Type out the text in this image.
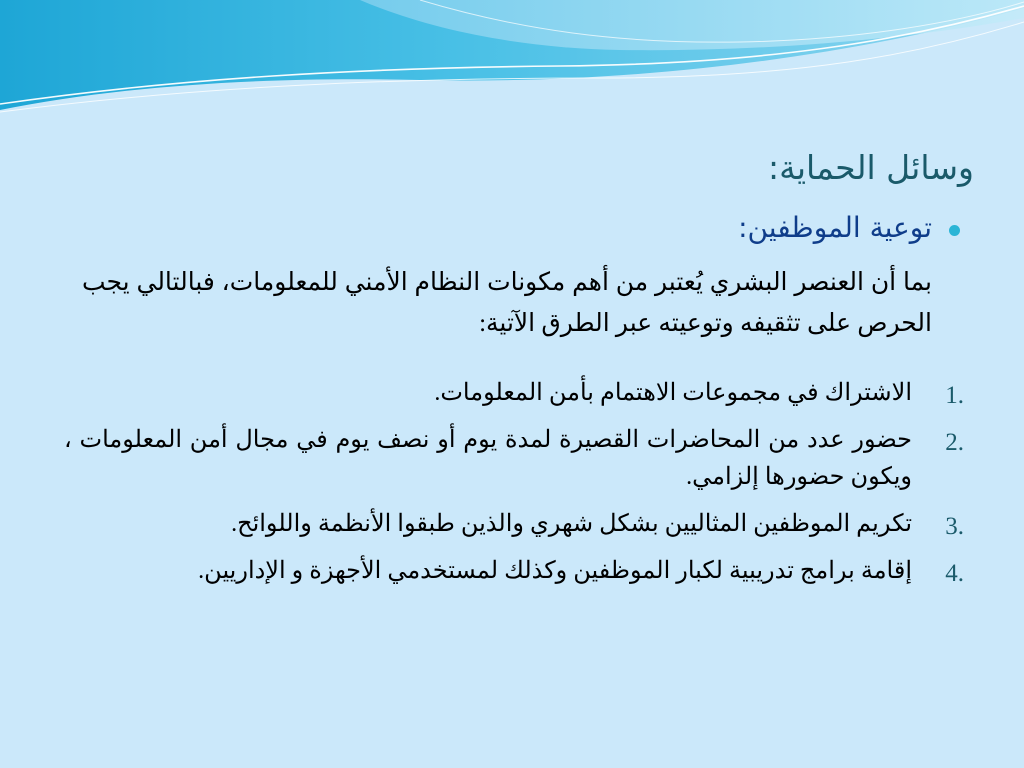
وسائل الحماية:
توعية الموظفين:

بما أن العنصر البشري يُعتبر من أهم مكونات النظام الأمني للمعلومات، فبالتالي يجب الحرص على تثقيفه وتوعيته عبر الطرق الآتية:

.1
الاشتراك في مجموعات الاهتمام بأمن المعلومات.
.2
حضور عدد من المحاضرات القصيرة لمدة يوم أو نصف يوم في مجال أمن المعلومات ، ويكون حضورها إلزامي.
.3
تكريم الموظفين المثاليين بشكل شهري والذين طبقوا الأنظمة واللوائح.
.4
إقامة برامج تدريبية لكبار الموظفين وكذلك لمستخدمي الأجهزة و الإداريين.
